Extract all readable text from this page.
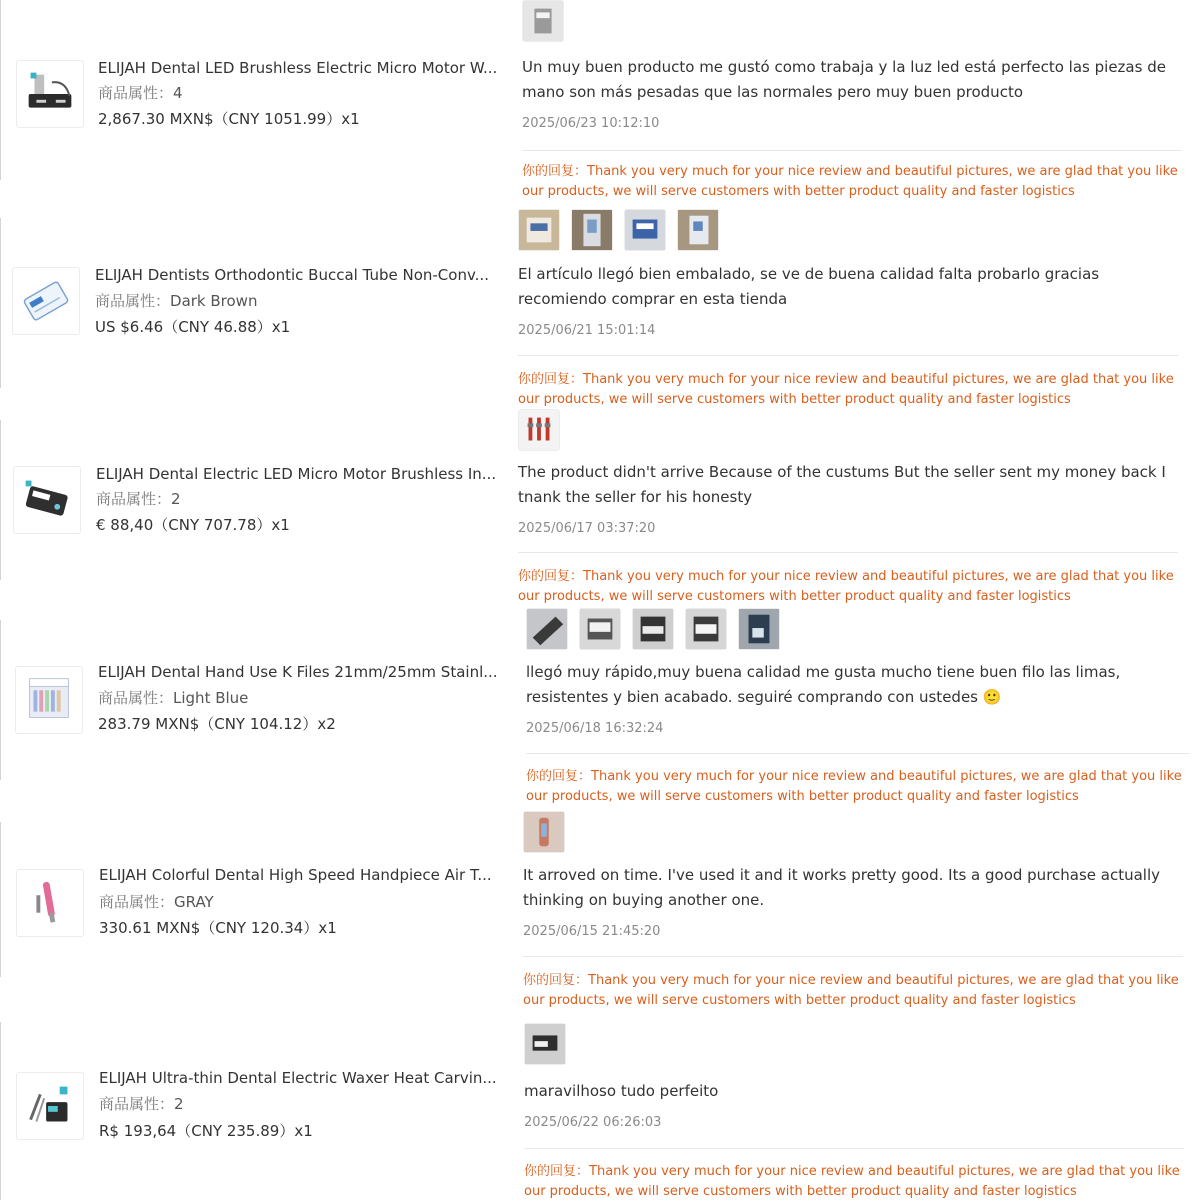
ELIJAH Dental LED Brushless Electric Micro Motor W...
商品属性：4
2,867.30 MXN$（CNY 1051.99）x1
Un muy buen producto me gustó como trabaja y la luz led está perfecto las piezas de mano son más pesadas que las normales pero muy buen producto
2025/06/23 10:12:10
你的回复：Thank you very much for your nice review and beautiful pictures, we are glad that you like our products, we will serve customers with better product quality and faster logistics
ELIJAH Dentists Orthodontic Buccal Tube Non-Conv...
商品属性：Dark Brown
US $6.46（CNY 46.88）x1
El artículo llegó bien embalado, se ve de buena calidad falta probarlo gracias recomiendo comprar en esta tienda
2025/06/21 15:01:14
你的回复：Thank you very much for your nice review and beautiful pictures, we are glad that you like our products, we will serve customers with better product quality and faster logistics
ELIJAH Dental Electric LED Micro Motor Brushless In...
商品属性：2
€ 88,40（CNY 707.78）x1
The product didn't arrive Because of the custums But the seller sent my money back I tnank the seller for his honesty
2025/06/17 03:37:20
你的回复：Thank you very much for your nice review and beautiful pictures, we are glad that you like our products, we will serve customers with better product quality and faster logistics
ELIJAH Dental Hand Use K Files 21mm/25mm Stainl...
商品属性：Light Blue
283.79 MXN$（CNY 104.12）x2
llegó muy rápido,muy buena calidad me gusta mucho tiene buen filo las limas, resistentes y bien acabado. seguiré comprando con ustedes 🙂
2025/06/18 16:32:24
你的回复：Thank you very much for your nice review and beautiful pictures, we are glad that you like our products, we will serve customers with better product quality and faster logistics
ELIJAH Colorful Dental High Speed Handpiece Air T...
商品属性：GRAY
330.61 MXN$（CNY 120.34）x1
It arroved on time. I've used it and it works pretty good. Its a good purchase actually thinking on buying another one.
2025/06/15 21:45:20
你的回复：Thank you very much for your nice review and beautiful pictures, we are glad that you like our products, we will serve customers with better product quality and faster logistics
ELIJAH Ultra-thin Dental Electric Waxer Heat Carvin...
商品属性：2
R$ 193,64（CNY 235.89）x1
maravilhoso tudo perfeito
2025/06/22 06:26:03
你的回复：Thank you very much for your nice review and beautiful pictures, we are glad that you like our products, we will serve customers with better product quality and faster logistics
